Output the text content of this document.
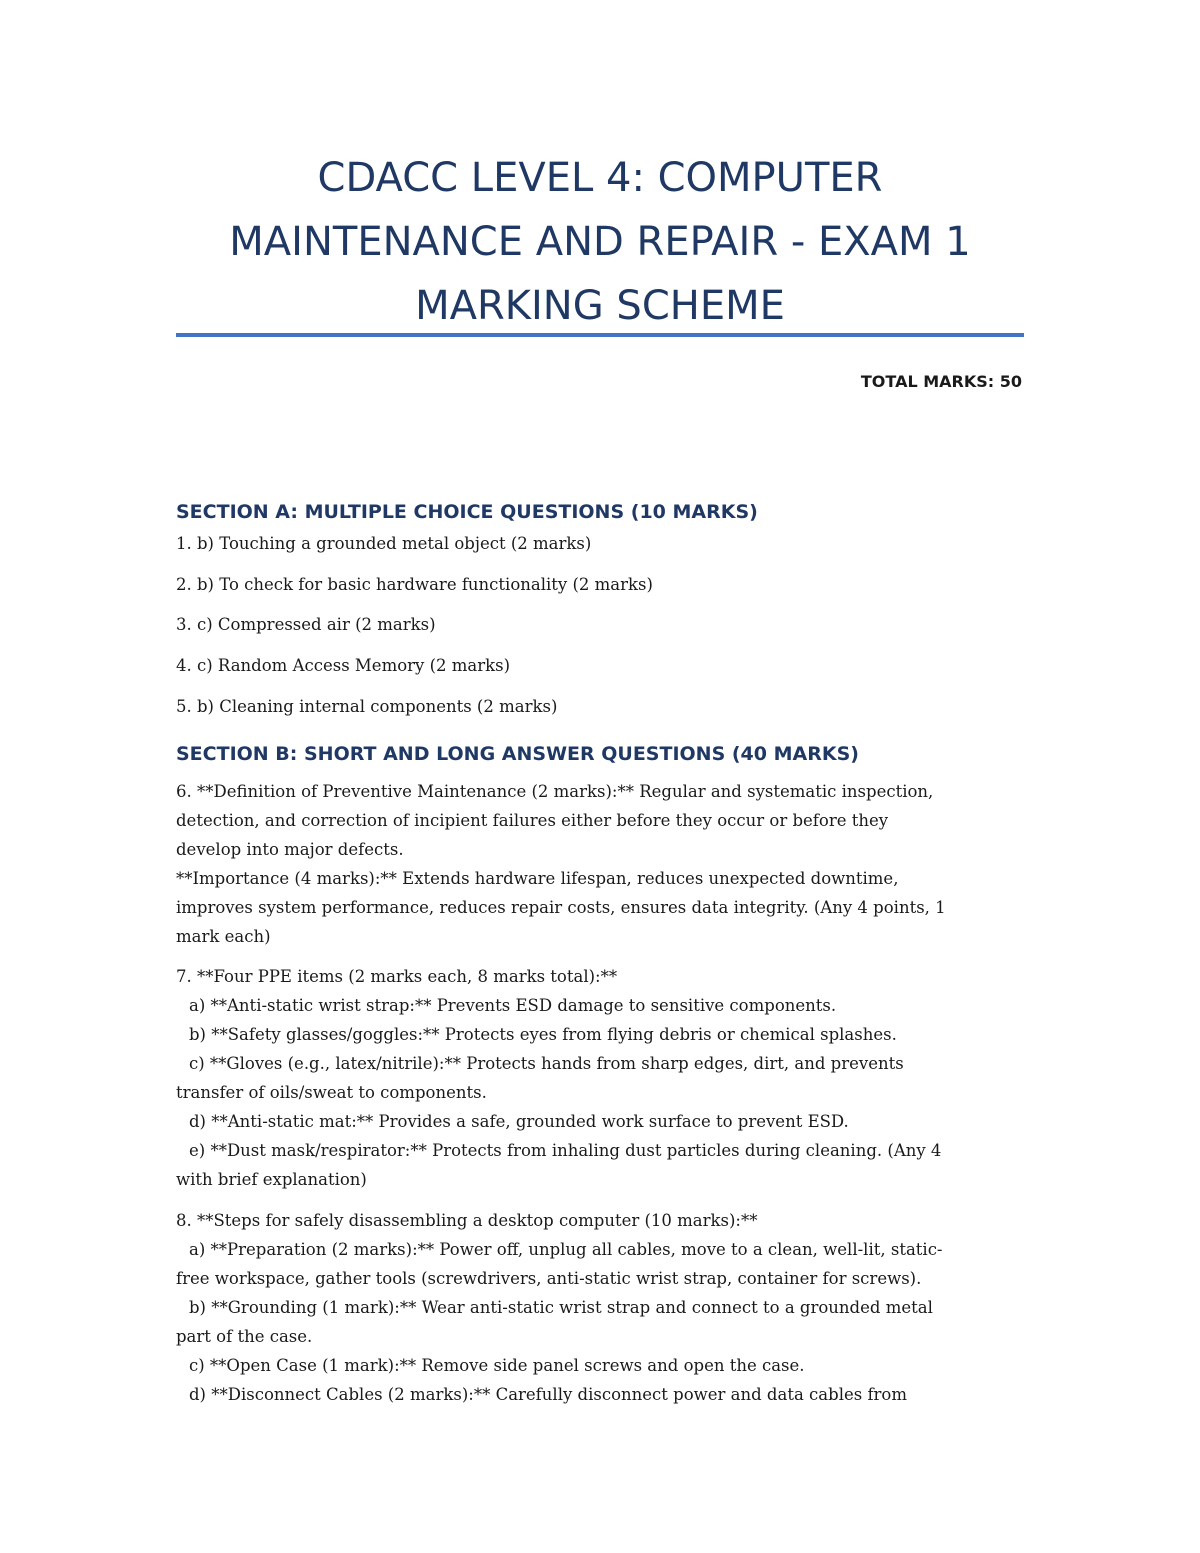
CDACC LEVEL 4: COMPUTER
MAINTENANCE AND REPAIR - EXAM 1
MARKING SCHEME
TOTAL MARKS: 50
SECTION A: MULTIPLE CHOICE QUESTIONS (10 MARKS)
1. b) Touching a grounded metal object (2 marks)
2. b) To check for basic hardware functionality (2 marks)
3. c) Compressed air (2 marks)
4. c) Random Access Memory (2 marks)
5. b) Cleaning internal components (2 marks)
SECTION B: SHORT AND LONG ANSWER QUESTIONS (40 MARKS)
6. **Definition of Preventive Maintenance (2 marks):** Regular and systematic inspection,
detection, and correction of incipient failures either before they occur or before they
develop into major defects.
**Importance (4 marks):** Extends hardware lifespan, reduces unexpected downtime,
improves system performance, reduces repair costs, ensures data integrity. (Any 4 points, 1
mark each)
7. **Four PPE items (2 marks each, 8 marks total):**
a) **Anti-static wrist strap:** Prevents ESD damage to sensitive components.
b) **Safety glasses/goggles:** Protects eyes from flying debris or chemical splashes.
c) **Gloves (e.g., latex/nitrile):** Protects hands from sharp edges, dirt, and prevents
transfer of oils/sweat to components.
d) **Anti-static mat:** Provides a safe, grounded work surface to prevent ESD.
e) **Dust mask/respirator:** Protects from inhaling dust particles during cleaning. (Any 4
with brief explanation)
8. **Steps for safely disassembling a desktop computer (10 marks):**
a) **Preparation (2 marks):** Power off, unplug all cables, move to a clean, well-lit, static-
free workspace, gather tools (screwdrivers, anti-static wrist strap, container for screws).
b) **Grounding (1 mark):** Wear anti-static wrist strap and connect to a grounded metal
part of the case.
c) **Open Case (1 mark):** Remove side panel screws and open the case.
d) **Disconnect Cables (2 marks):** Carefully disconnect power and data cables from
